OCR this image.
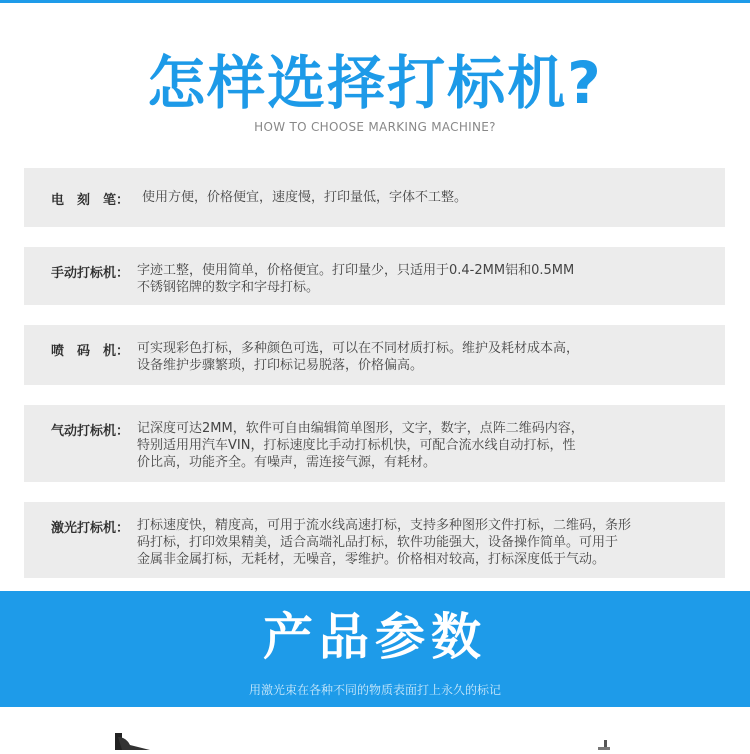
怎样选择打标机?
HOW TO CHOOSE MARKING MACHINE?
电　刻　笔： 使用方便，价格便宜，速度慢，打印量低，字体不工整。
手动打标机： 字迹工整，使用简单，价格便宜。打印量少，只适用于0.4-2MM铝和0.5MM
不锈钢铭牌的数字和字母打标。
喷　码　机： 可实现彩色打标，多种颜色可选，可以在不同材质打标。维护及耗材成本高，
设备维护步骤繁琐，打印标记易脱落，价格偏高。
气动打标机： 记深度可达2MM，软件可自由编辑简单图形，文字，数字，点阵二维码内容，
特别适用用汽车VIN，打标速度比手动打标机快，可配合流水线自动打标，性
价比高，功能齐全。有噪声，需连接气源，有耗材。
激光打标机： 打标速度快，精度高，可用于流水线高速打标，支持多种图形文件打标，二维码，条形
码打标，打印效果精美，适合高端礼品打标，软件功能强大，设备操作简单。可用于
金属非金属打标，无耗材，无噪音，零维护。价格相对较高，打标深度低于气动。
产品参数
用激光束在各种不同的物质表面打上永久的标记
